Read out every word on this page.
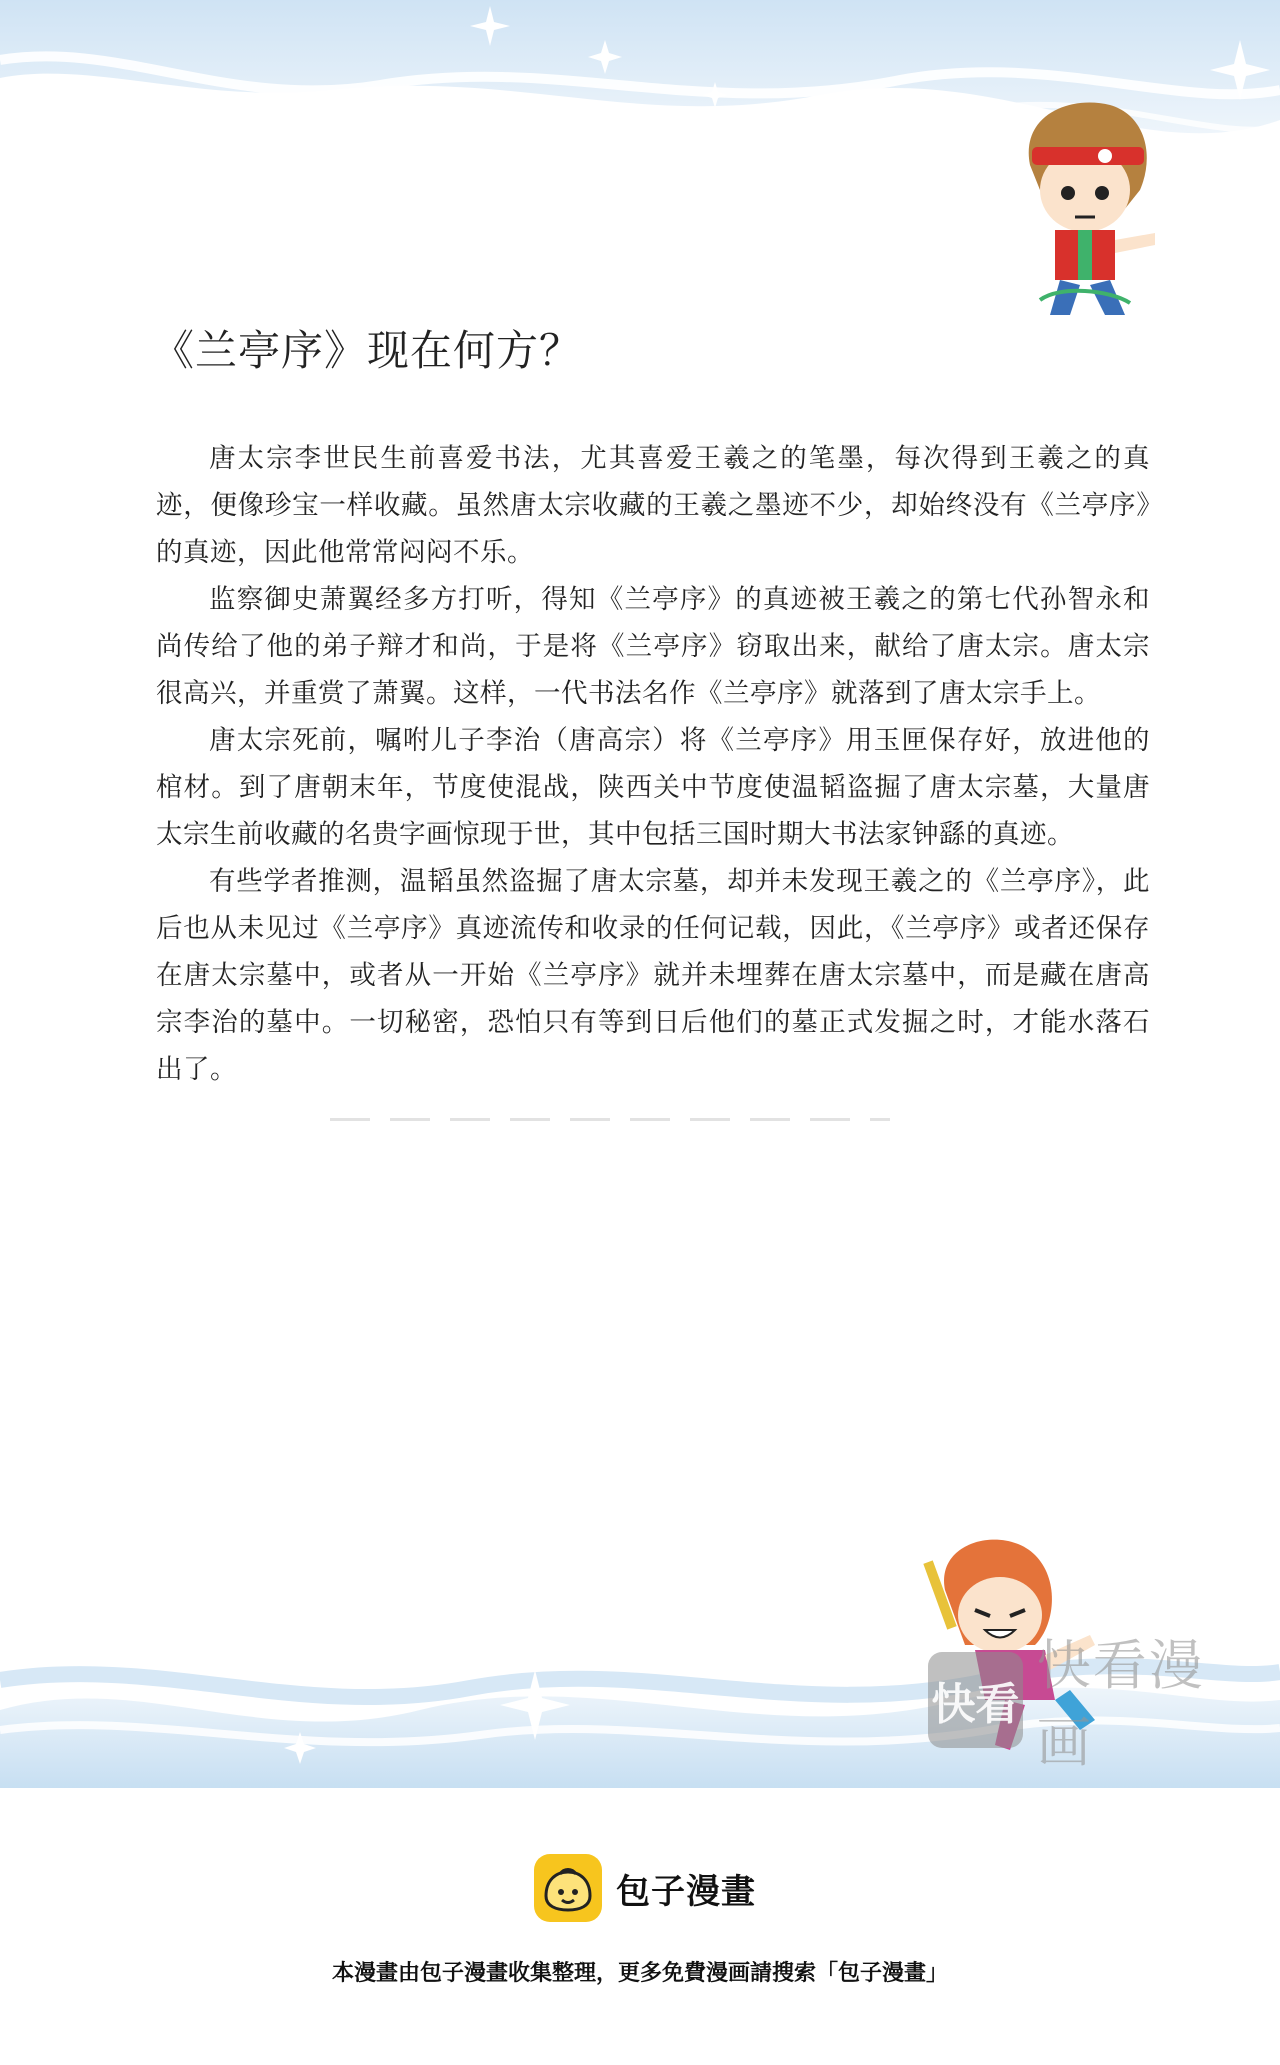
《兰亭序》现在何方？

唐太宗李世民生前喜爱书法，尤其喜爱王羲之的笔墨，每次得到王羲之的真迹，便像珍宝一样收藏。虽然唐太宗收藏的王羲之墨迹不少，却始终没有《兰亭序》的真迹，因此他常常闷闷不乐。

监察御史萧翼经多方打听，得知《兰亭序》的真迹被王羲之的第七代孙智永和尚传给了他的弟子辩才和尚，于是将《兰亭序》窃取出来，献给了唐太宗。唐太宗很高兴，并重赏了萧翼。这样，一代书法名作《兰亭序》就落到了唐太宗手上。

唐太宗死前，嘱咐儿子李治（唐高宗）将《兰亭序》用玉匣保存好，放进他的棺材。到了唐朝末年，节度使混战，陕西关中节度使温韬盗掘了唐太宗墓，大量唐太宗生前收藏的名贵字画惊现于世，其中包括三国时期大书法家钟繇的真迹。

有些学者推测，温韬虽然盗掘了唐太宗墓，却并未发现王羲之的《兰亭序》，此后也从未见过《兰亭序》真迹流传和收录的任何记载，因此，《兰亭序》或者还保存在唐太宗墓中，或者从一开始《兰亭序》就并未埋葬在唐太宗墓中，而是藏在唐高宗李治的墓中。一切秘密，恐怕只有等到日后他们的墓正式发掘之时，才能水落石出了。

快看
快看漫画
包子漫畫
本漫畫由包子漫畫收集整理，更多免費漫画請搜索「包子漫畫」
